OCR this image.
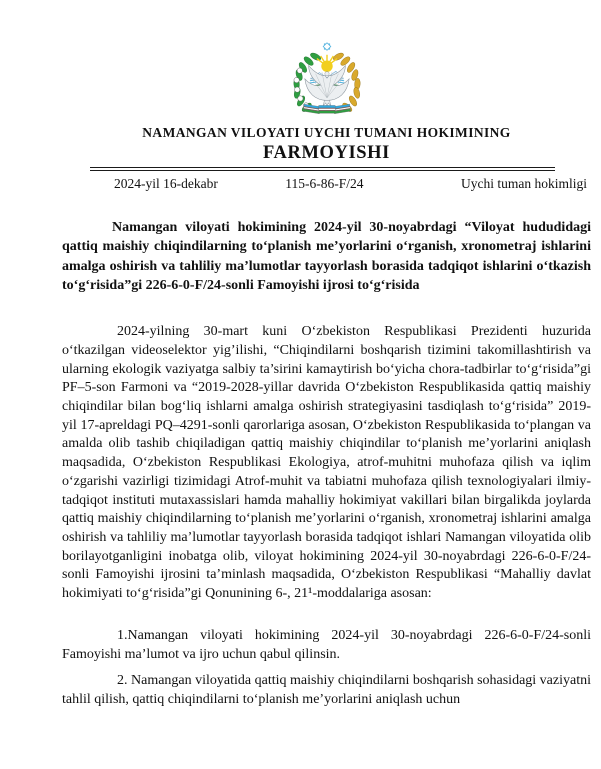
NAMANGAN VILOYATI UYCHI TUMANI HOKIMINING

FARMOYISHI

2024-yil 16-dekabr	115-6-86-F/24	Uychi tuman hokimligi

Namangan viloyati hokimining 2024-yil 30-noyabrdagi “Viloyat hududidagi qattiq maishiy chiqindilarning to‘planish me’yorlarini o‘rganish, xronometraj ishlarini amalga oshirish va tahliliy ma’lumotlar tayyorlash borasida tadqiqot ishlarini o‘tkazish to‘g‘risida”gi 226-6-0-F/24-sonli Famoyishi ijrosi to‘g‘risida

2024-yilning 30-mart kuni O‘zbekiston Respublikasi Prezidenti huzurida o‘tkazilgan videoselektor yig’ilishi, “Chiqindilarni boshqarish tizimini takomillashtirish va ularning ekologik vaziyatga salbiy ta’sirini kamaytirish bo‘yicha chora-tadbirlar to‘g‘risida”gi PF–5-son Farmoni va “2019-2028-yillar davrida O‘zbekiston Respublikasida qattiq maishiy chiqindilar bilan bog‘liq ishlarni amalga oshirish strategiyasini tasdiqlash to‘g‘risida” 2019-yil 17-apreldagi PQ–4291-sonli qarorlariga asosan, O‘zbekiston Respublikasida to‘plangan va amalda olib tashib chiqiladigan qattiq maishiy chiqindilar to‘planish me’yorlarini aniqlash maqsadida, O‘zbekiston Respublikasi Ekologiya, atrof-muhitni muhofaza qilish va iqlim o‘zgarishi vazirligi tizimidagi Atrof-muhit va tabiatni muhofaza qilish texnologiyalari ilmiy-tadqiqot instituti mutaxassislari hamda mahalliy hokimiyat vakillari bilan birgalikda joylarda qattiq maishiy chiqindilarning to‘planish me’yorlarini o‘rganish, xronometraj ishlarini amalga oshirish va tahliliy ma’lumotlar tayyorlash borasida tadqiqot ishlari Namangan viloyatida olib borilayotganligini inobatga olib, viloyat hokimining 2024-yil 30-noyabrdagi 226-6-0-F/24-sonli Famoyishi ijrosini ta’minlash maqsadida, O‘zbekiston Respublikasi “Mahalliy davlat hokimiyati to‘g‘risida”gi Qonunining 6-, 21¹-moddalariga asosan:

1.Namangan viloyati hokimining 2024-yil 30-noyabrdagi 226-6-0-F/24-sonli Famoyishi ma’lumot va ijro uchun qabul qilinsin.

2. Namangan viloyatida qattiq maishiy chiqindilarni boshqarish sohasidagi vaziyatni tahlil qilish, qattiq chiqindilarni to‘planish me’yorlarini aniqlash uchun
